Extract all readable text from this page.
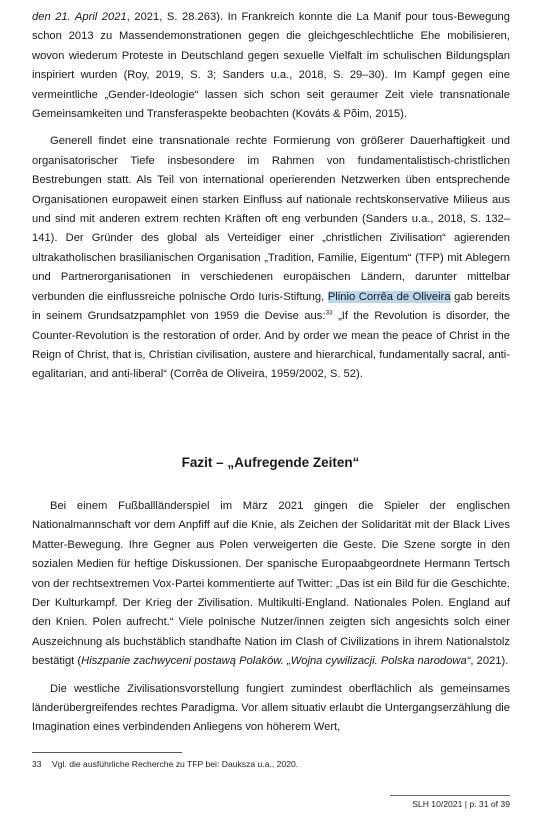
den 21. April 2021, 2021, S. 28.263). In Frankreich konnte die La Manif pour tous-Bewegung schon 2013 zu Massendemonstrationen gegen die gleichgeschlechtliche Ehe mobilisieren, wovon wiederum Proteste in Deutschland gegen sexuelle Vielfalt im schulischen Bildungsplan inspiriert wurden (Roy, 2019, S. 3; Sanders u.a., 2018, S. 29–30). Im Kampf gegen eine vermeintliche „Gender-Ideologie“ lassen sich schon seit geraumer Zeit viele transnationale Gemeinsamkeiten und Transferaspekte beobachten (Kováts & Põim, 2015).

Generell findet eine transnationale rechte Formierung von größerer Dauerhaftigkeit und organisatorischer Tiefe insbesondere im Rahmen von fundamentalistisch-christlichen Bestrebungen statt. Als Teil von international operierenden Netzwerken üben entsprechende Organisationen europaweit einen starken Einfluss auf nationale rechtskonservative Milieus aus und sind mit anderen extrem rechten Kräften oft eng verbunden (Sanders u.a., 2018, S. 132–141). Der Gründer des global als Verteidiger einer „christlichen Zivilisation“ agierenden ultrakatholischen brasilianischen Organisation „Tradition, Familie, Eigentum“ (TFP) mit Ablegern und Partnerorganisationen in verschiedenen europäischen Ländern, darunter mittelbar verbunden die einflussreiche polnische Ordo Iuris-Stiftung, Plinio Corrêa de Oliveira gab bereits in seinem Grundsatzpamphlet von 1959 die Devise aus:$^{33}$ „If the Revolution is disorder, the Counter-Revolution is the restoration of order. And by order we mean the peace of Christ in the Reign of Christ, that is, Christian civilisation, austere and hierarchical, fundamentally sacral, anti-egalitarian, and anti-liberal“ (Corrêa de Oliveira, 1959/2002, S. 52).

Fazit – „Aufregende Zeiten“

Bei einem Fußballländerspiel im März 2021 gingen die Spieler der englischen Nationalmannschaft vor dem Anpfiff auf die Knie, als Zeichen der Solidarität mit der Black Lives Matter-Bewegung. Ihre Gegner aus Polen verweigerten die Geste. Die Szene sorgte in den sozialen Medien für heftige Diskussionen. Der spanische Europaabgeordnete Hermann Tertsch von der rechtsextremen Vox-Partei kommentierte auf Twitter: „Das ist ein Bild für die Geschichte. Der Kulturkampf. Der Krieg der Zivilisation. Multikulti-England. Nationales Polen. England auf den Knien. Polen aufrecht.“ Viele polnische Nutzer/innen zeigten sich angesichts solch einer Auszeichnung als buchstäblich standhafte Nation im Clash of Civilizations in ihrem Nationalstolz bestätigt (Hiszpanie zachwyceni postawą Polaków. „Wojna cywilizacji. Polska narodowa“, 2021).

Die westliche Zivilisationsvorstellung fungiert zumindest oberflächlich als gemeinsames länderübergreifendes rechtes Paradigma. Vor allem situativ erlaubt die Untergangserzählung die Imagination eines verbindenden Anliegens von höherem Wert,

33 Vgl. die ausführliche Recherche zu TFP bei: Dauksza u.a., 2020.
SLH 10/2021 | p. 31 of 39
